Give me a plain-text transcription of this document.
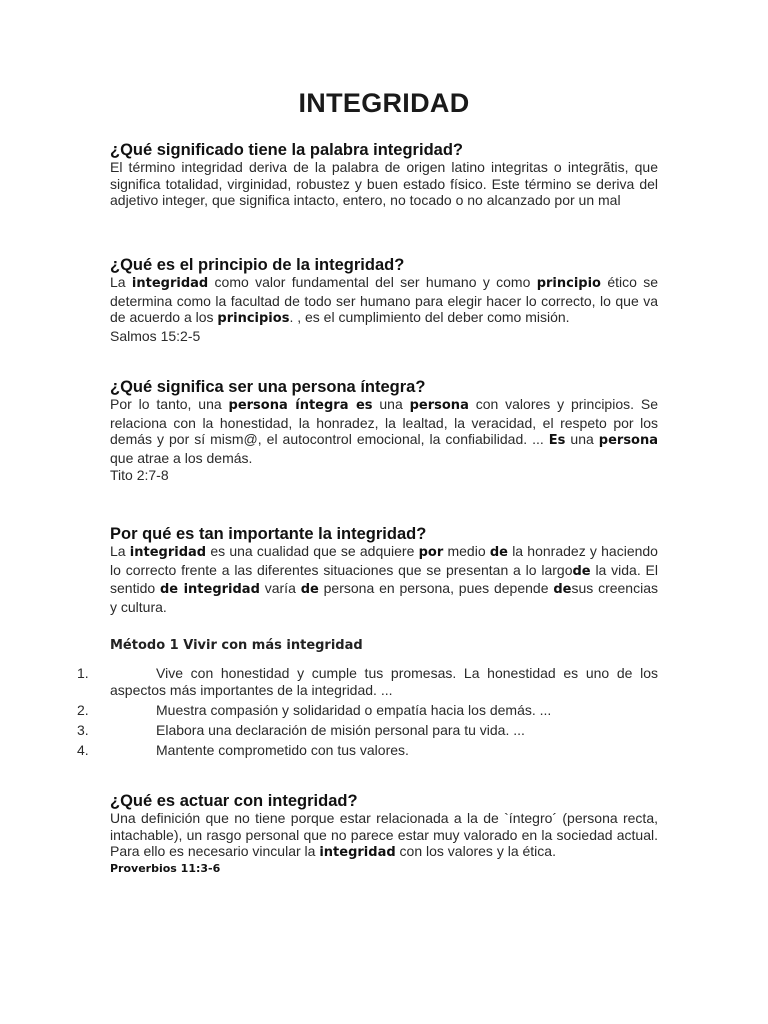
INTEGRIDAD

¿Qué significado tiene la palabra integridad?

El término integridad deriva de la palabra de origen latino integritas o integrãtis, que significa totalidad, virginidad, robustez y buen estado físico. Este término se deriva del adjetivo integer, que significa intacto, entero, no tocado o no alcanzado por un mal

¿Qué es el principio de la integridad?

La integridad como valor fundamental del ser humano y como principio ético se determina como la facultad de todo ser humano para elegir hacer lo correcto, lo que va de acuerdo a los principios. , es el cumplimiento del deber como misión.

Salmos 15:2-5

¿Qué significa ser una persona íntegra?

Por lo tanto, una persona íntegra es una persona con valores y principios. Se relaciona con la honestidad, la honradez, la lealtad, la veracidad, el respeto por los demás y por sí mism@, el autocontrol emocional, la confiabilidad. ... Es una persona que atrae a los demás.

Tito 2:7-8

Por qué es tan importante la integridad?

La integridad es una cualidad que se adquiere por medio de la honradez y haciendo lo correcto frente a las diferentes situaciones que se presentan a lo largode la vida. El sentido de integridad varía de persona en persona, pues depende desus creencias y cultura.

Método 1 Vivir con más integridad

1.	Vive con honestidad y cumple tus promesas. La honestidad es uno de los aspectos más importantes de la integridad. ...
2.	Muestra compasión y solidaridad o empatía hacia los demás. ...
3.	Elabora una declaración de misión personal para tu vida. ...
4.	Mantente comprometido con tus valores.

¿Qué es actuar con integridad?

Una definición que no tiene porque estar relacionada a la de `íntegro´ (persona recta, intachable), un rasgo personal que no parece estar muy valorado en la sociedad actual. Para ello es necesario vincular la integridad con los valores y la ética.

Proverbios 11:3-6
